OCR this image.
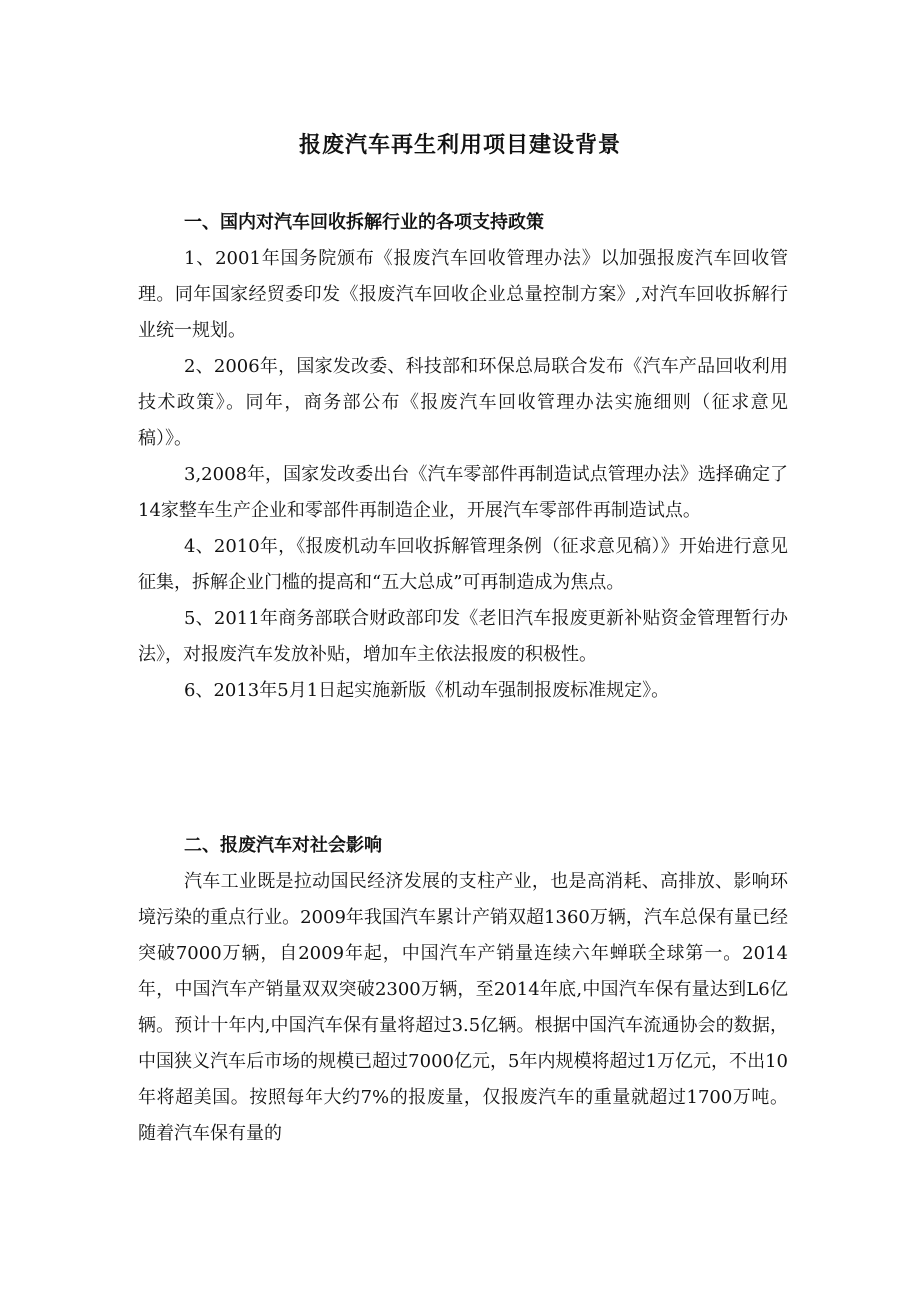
报废汽车再生利用项目建设背景

一、国内对汽车回收拆解行业的各项支持政策

1、2001年国务院颁布《报废汽车回收管理办法》以加强报废汽车回收管理。同年国家经贸委印发《报废汽车回收企业总量控制方案》,对汽车回收拆解行业统一规划。

2、2006年，国家发改委、科技部和环保总局联合发布《汽车产品回收利用技术政策》。同年，商务部公布《报废汽车回收管理办法实施细则（征求意见稿）》。

3,2008年，国家发改委出台《汽车零部件再制造试点管理办法》选择确定了14家整车生产企业和零部件再制造企业，开展汽车零部件再制造试点。

4、2010年，《报废机动车回收拆解管理条例（征求意见稿）》开始进行意见征集，拆解企业门槛的提高和“五大总成”可再制造成为焦点。

5、2011年商务部联合财政部印发《老旧汽车报废更新补贴资金管理暂行办法》，对报废汽车发放补贴，增加车主依法报废的积极性。

6、2013年5月1日起实施新版《机动车强制报废标准规定》。

二、报废汽车对社会影响

汽车工业既是拉动国民经济发展的支柱产业，也是高消耗、高排放、影响环境污染的重点行业。2009年我国汽车累计产销双超1360万辆，汽车总保有量已经突破7000万辆，自2009年起，中国汽车产销量连续六年蝉联全球第一。2014年，中国汽车产销量双双突破2300万辆，至2014年底,中国汽车保有量达到L6亿辆。预计十年内,中国汽车保有量将超过3.5亿辆。根据中国汽车流通协会的数据，中国狭义汽车后市场的规模已超过7000亿元，5年内规模将超过1万亿元，不出10年将超美国。按照每年大约7%的报废量，仅报废汽车的重量就超过1700万吨。随着汽车保有量的
